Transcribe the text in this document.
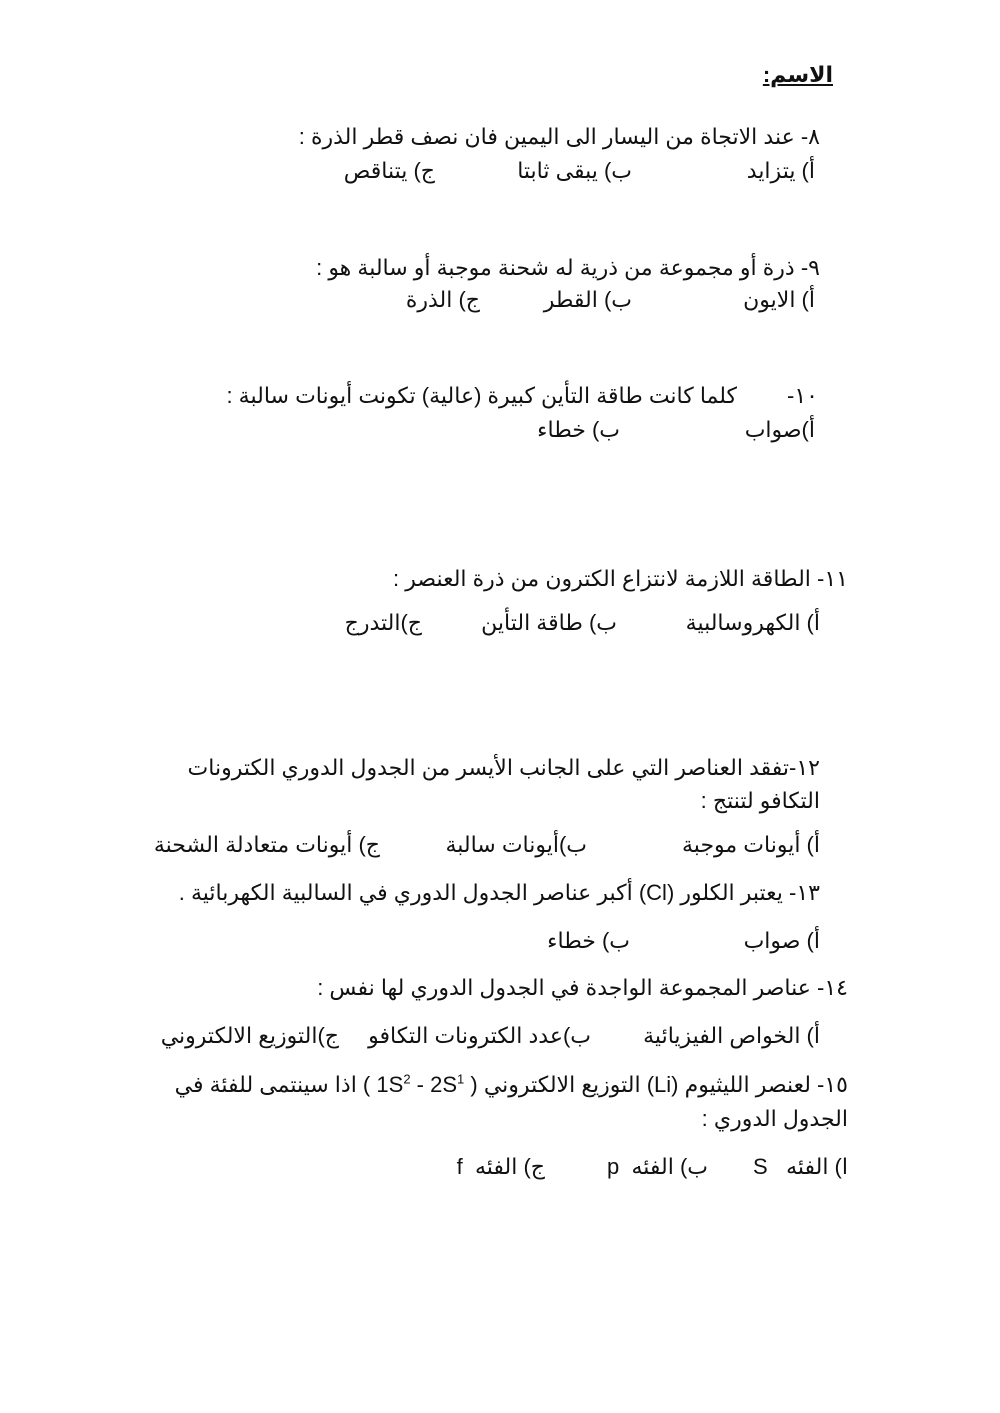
الاسم:
٨- عند الاتجاة من اليسار الى اليمين فان نصف قطر الذرة :
أ) يتزايد
ب) يبقى ثابتا
ج) يتناقص
٩- ذرة أو مجموعة من ذرية له شحنة موجبة أو سالبة هو :
أ) الايون
ب) القطر
ج) الذرة
١٠-كلما كانت طاقة التأين كبيرة (عالية) تكونت أيونات سالبة :
أ)صواب
ب) خطاء
١١- الطاقة اللازمة لانتزاع الكترون من ذرة العنصر :
أ) الكهروسالبية
ب) طاقة التأين
ج)التدرج
١٢-تفقد العناصر التي على الجانب الأيسر من الجدول الدوري الكترونات
التكافو لتنتج :
أ) أيونات موجبة
ب)أيونات سالبة
ج) أيونات متعادلة الشحنة
١٣- يعتبر الكلور (Cl) أكبر عناصر الجدول الدوري في السالبية الكهربائية .
أ) صواب
ب) خطاء
١٤- عناصر المجموعة الواجدة في الجدول الدوري لها نفس :
أ) الخواص الفيزيائية
ب)عدد الكترونات التكافو
ج)التوزيع الالكتروني
١٥- لعنصر الليثيوم (Li) التوزيع الالكتروني ( $1S^2 - 2S^1$ ) اذا سينتمى للفئة في
الجدول الدوري :
ا) الفئه   S
ب) الفئه  p
ج) الفئه  f
